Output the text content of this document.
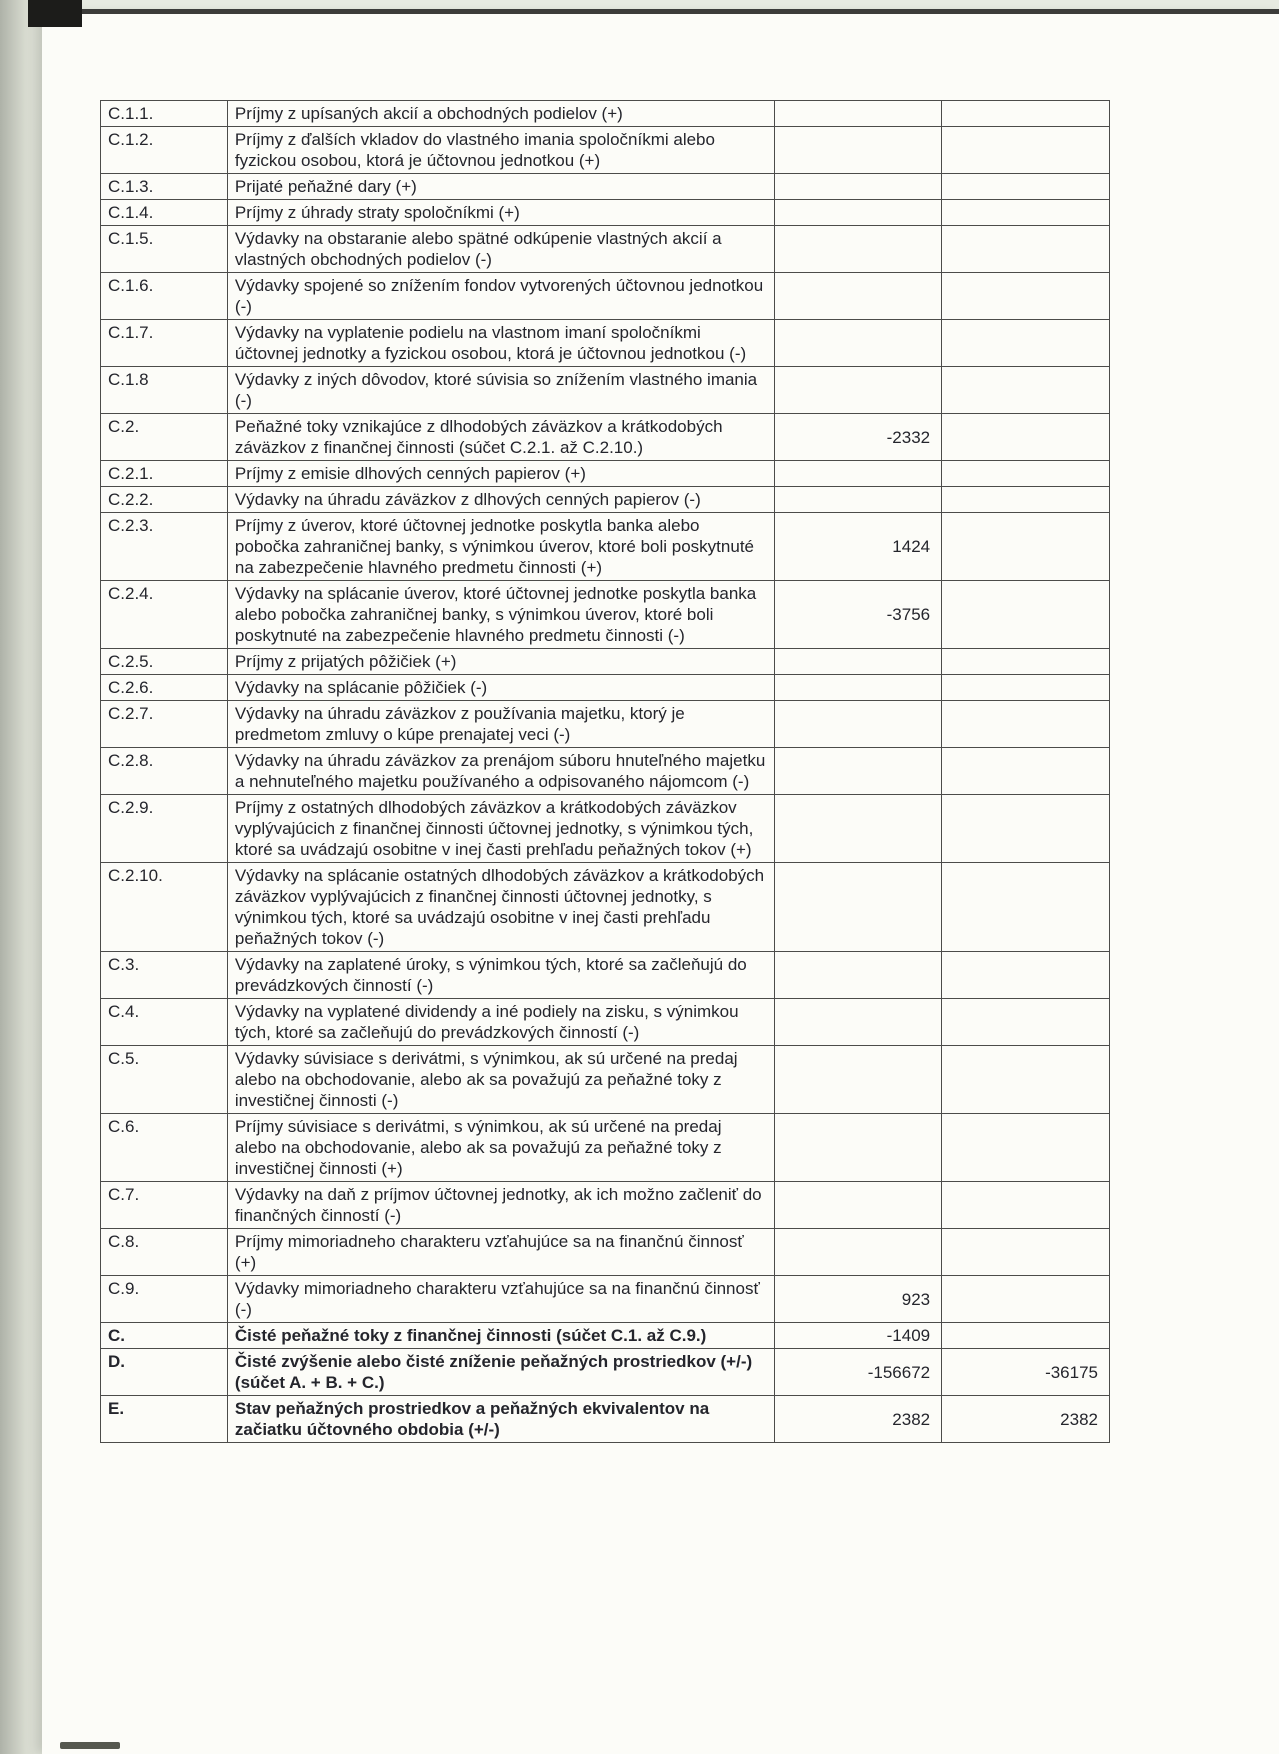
C.1.1.	Príjmy z upísaných akcií a obchodných podielov (+)		
C.1.2.	Príjmy z ďalších vkladov do vlastného imania spoločníkmi alebo fyzickou osobou, ktorá je účtovnou jednotkou (+)		
C.1.3.	Prijaté peňažné dary (+)		
C.1.4.	Príjmy z úhrady straty spoločníkmi (+)		
C.1.5.	Výdavky na obstaranie alebo spätné odkúpenie vlastných akcií a vlastných obchodných podielov (-)		
C.1.6.	Výdavky spojené so znížením fondov vytvorených účtovnou jednotkou (-)		
C.1.7.	Výdavky na vyplatenie podielu na vlastnom imaní spoločníkmi účtovnej jednotky a fyzickou osobou, ktorá je účtovnou jednotkou (-)		
C.1.8	Výdavky z iných dôvodov, ktoré súvisia so znížením vlastného imania (-)		
C.2.	Peňažné toky vznikajúce z dlhodobých záväzkov a krátkodobých záväzkov z finančnej činnosti (súčet C.2.1. až C.2.10.)	-2332	
C.2.1.	Príjmy z emisie dlhových cenných papierov (+)		
C.2.2.	Výdavky na úhradu záväzkov z dlhových cenných papierov (-)		
C.2.3.	Príjmy z úverov, ktoré účtovnej jednotke poskytla banka alebo pobočka zahraničnej banky, s výnimkou úverov, ktoré boli poskytnuté na zabezpečenie hlavného predmetu činnosti (+)	1424	
C.2.4.	Výdavky na splácanie úverov, ktoré účtovnej jednotke poskytla banka alebo pobočka zahraničnej banky, s výnimkou úverov, ktoré boli poskytnuté na zabezpečenie hlavného predmetu činnosti (-)	-3756	
C.2.5.	Príjmy z prijatých pôžičiek (+)		
C.2.6.	Výdavky na splácanie pôžičiek (-)		
C.2.7.	Výdavky na úhradu záväzkov z používania majetku, ktorý je predmetom zmluvy o kúpe prenajatej veci (-)		
C.2.8.	Výdavky na úhradu záväzkov za prenájom súboru hnuteľného majetku a nehnuteľného majetku používaného a odpisovaného nájomcom (-)		
C.2.9.	Príjmy z ostatných dlhodobých záväzkov a krátkodobých záväzkov vyplývajúcich z finančnej činnosti účtovnej jednotky, s výnimkou tých, ktoré sa uvádzajú osobitne v inej časti prehľadu peňažných tokov (+)		
C.2.10.	Výdavky na splácanie ostatných dlhodobých záväzkov a krátkodobých záväzkov vyplývajúcich z finančnej činnosti účtovnej jednotky, s výnimkou tých, ktoré sa uvádzajú osobitne v inej časti prehľadu peňažných tokov (-)		
C.3.	Výdavky na zaplatené úroky, s výnimkou tých, ktoré sa začleňujú do prevádzkových činností (-)		
C.4.	Výdavky na vyplatené dividendy a iné podiely na zisku, s výnimkou tých, ktoré sa začleňujú do prevádzkových činností (-)		
C.5.	Výdavky súvisiace s derivátmi, s výnimkou, ak sú určené na predaj alebo na obchodovanie, alebo ak sa považujú za peňažné toky z investičnej činnosti (-)		
C.6.	Príjmy súvisiace s derivátmi, s výnimkou, ak sú určené na predaj alebo na obchodovanie, alebo ak sa považujú za peňažné toky z investičnej činnosti (+)		
C.7.	Výdavky na daň z príjmov účtovnej jednotky, ak ich možno začleniť do finančných činností (-)		
C.8.	Príjmy mimoriadneho charakteru vzťahujúce sa na finančnú činnosť (+)		
C.9.	Výdavky mimoriadneho charakteru vzťahujúce sa na finančnú činnosť (-)	923	
C.	Čisté peňažné toky z finančnej činnosti (súčet C.1. až C.9.)	-1409	
D.	Čisté zvýšenie alebo čisté zníženie peňažných prostriedkov (+/-) (súčet A. + B. + C.)	-156672	-36175
E.	Stav peňažných prostriedkov a peňažných ekvivalentov na začiatku účtovného obdobia (+/-)	2382	2382
